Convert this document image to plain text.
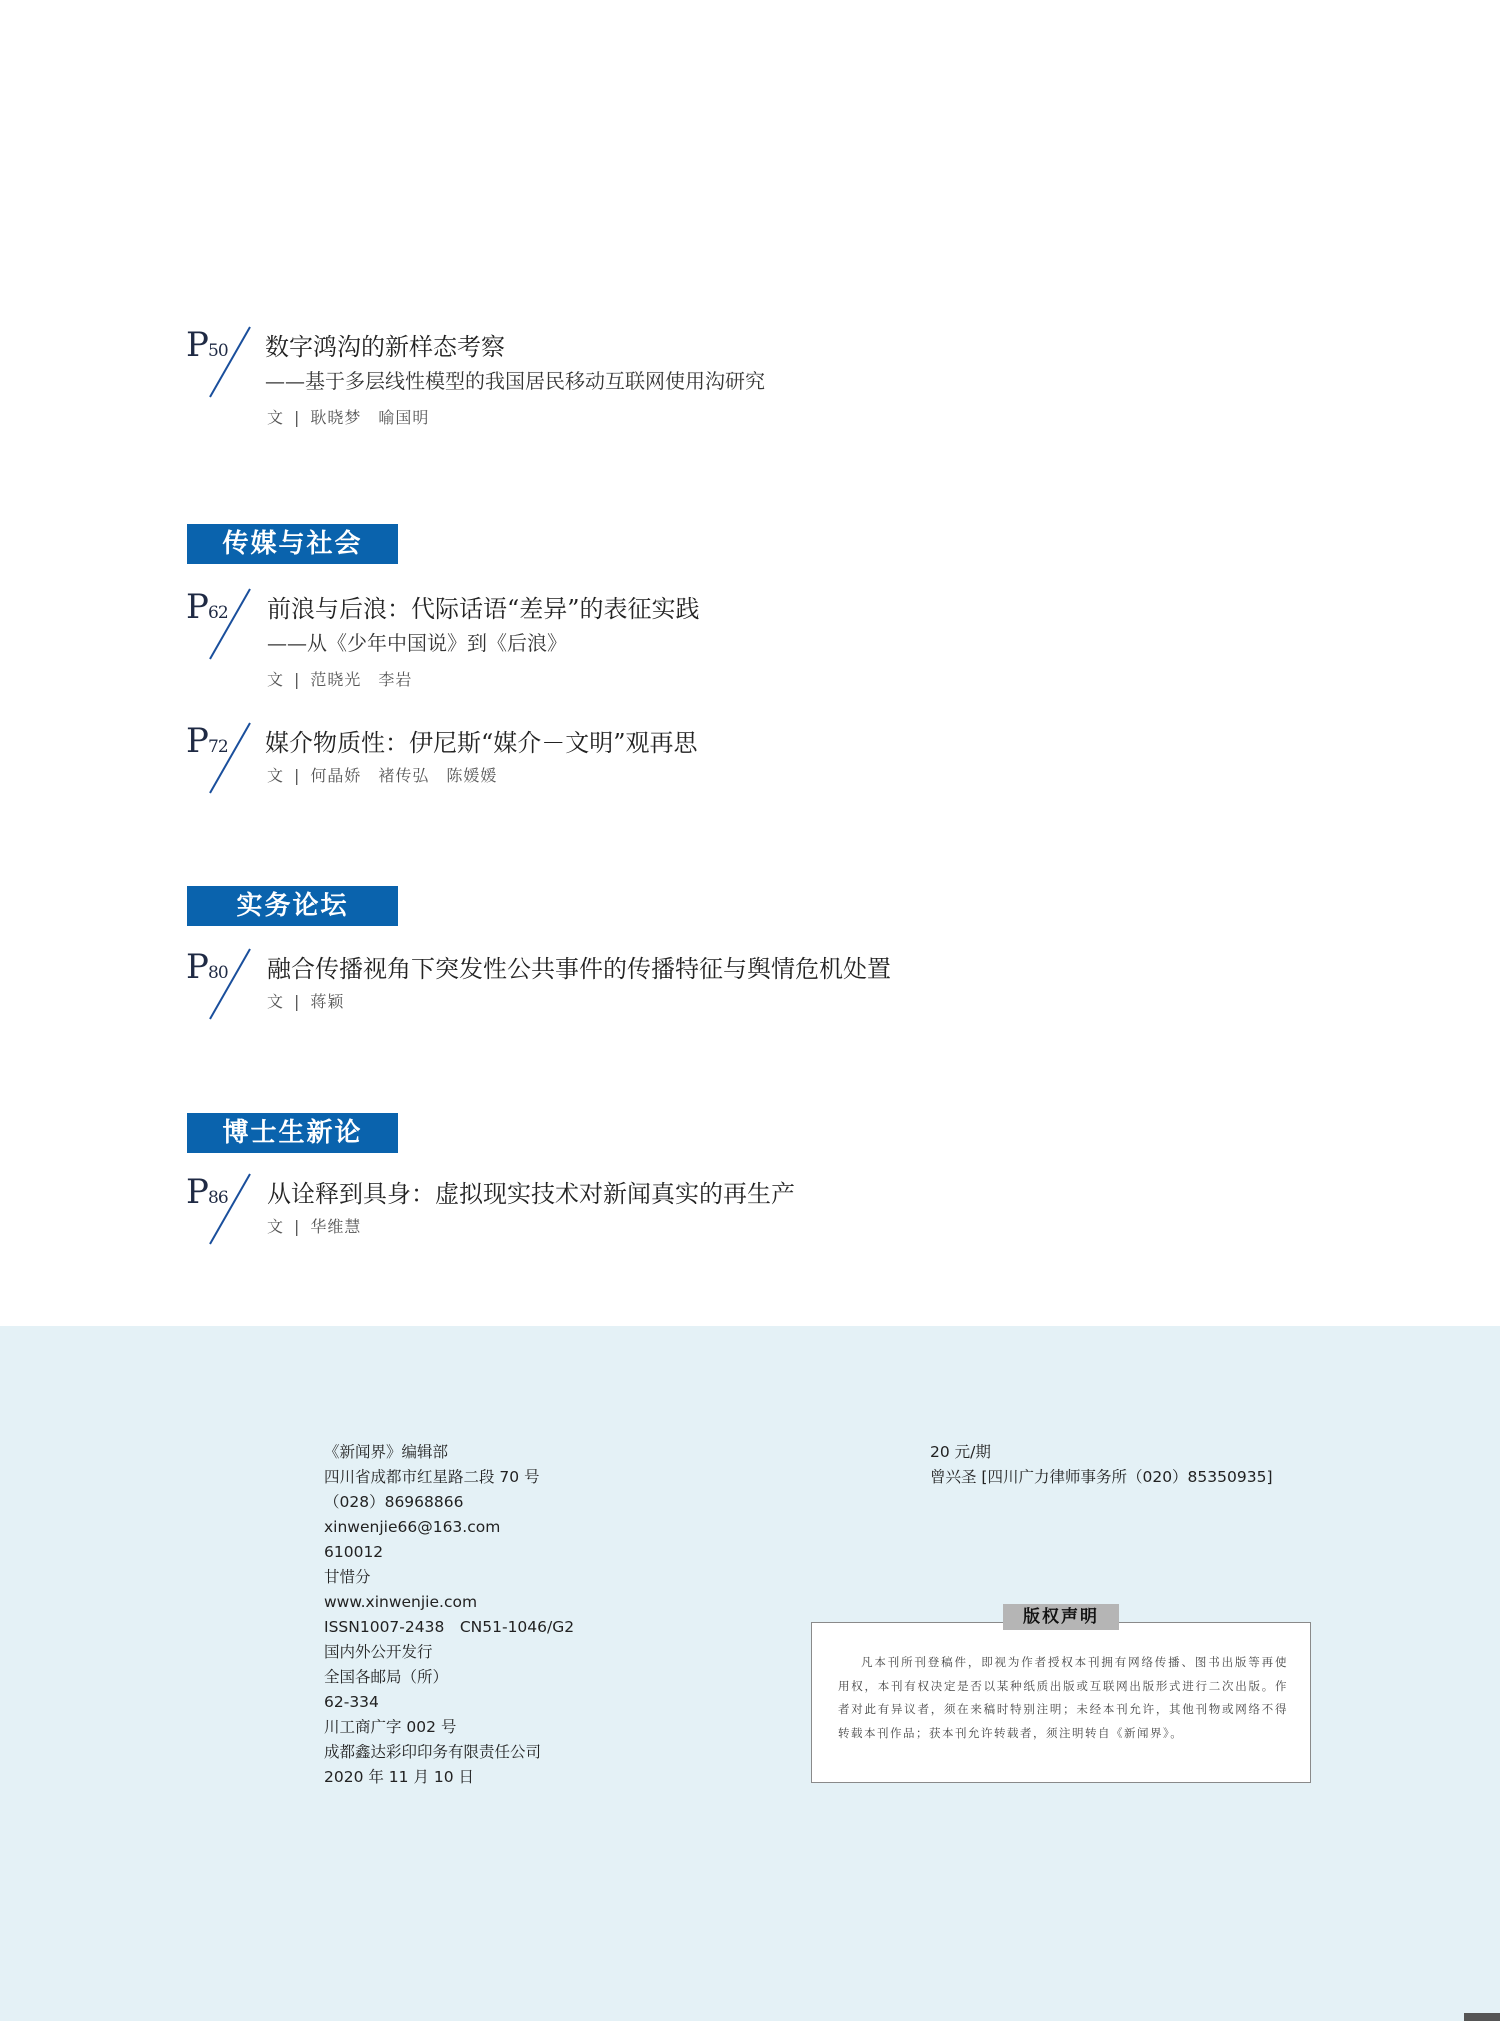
P 50 数字鸿沟的新样态考察
——基于多层线性模型的我国居民移动互联网使用沟研究
文 | 耿晓梦　喻国明
传媒与社会
P 62 前浪与后浪：代际话语“差异”的表征实践
——从《少年中国说》到《后浪》
文 | 范晓光　李岩
P 72 媒介物质性：伊尼斯“媒介－文明”观再思
文 | 何晶娇　褚传弘　陈媛媛
实务论坛
P 80 融合传播视角下突发性公共事件的传播特征与舆情危机处置
文 | 蒋颖
博士生新论
P 86 从诠释到具身：虚拟现实技术对新闻真实的再生产
文 | 华维慧
《新闻界》编辑部
四川省成都市红星路二段 70 号
（028）86968866
xinwenjie66@163.com
610012
甘惜分
www.xinwenjie.com
ISSN1007-2438　CN51-1046/G2
国内外公开发行
全国各邮局（所）
62-334
川工商广字 002 号
成都鑫达彩印印务有限责任公司
2020 年 11 月 10 日
20 元/期
曾兴圣 [四川广力律师事务所（020）85350935]
凡本刊所刊登稿件，即视为作者授权本刊拥有网络传播、图书出版等再使用权，本刊有权决定是否以某种纸质出版或互联网出版形式进行二次出版。作者对此有异议者，须在来稿时特别注明；未经本刊允许，其他刊物或网络不得转载本刊作品；获本刊允许转载者，须注明转自《新闻界》。
版权声明
